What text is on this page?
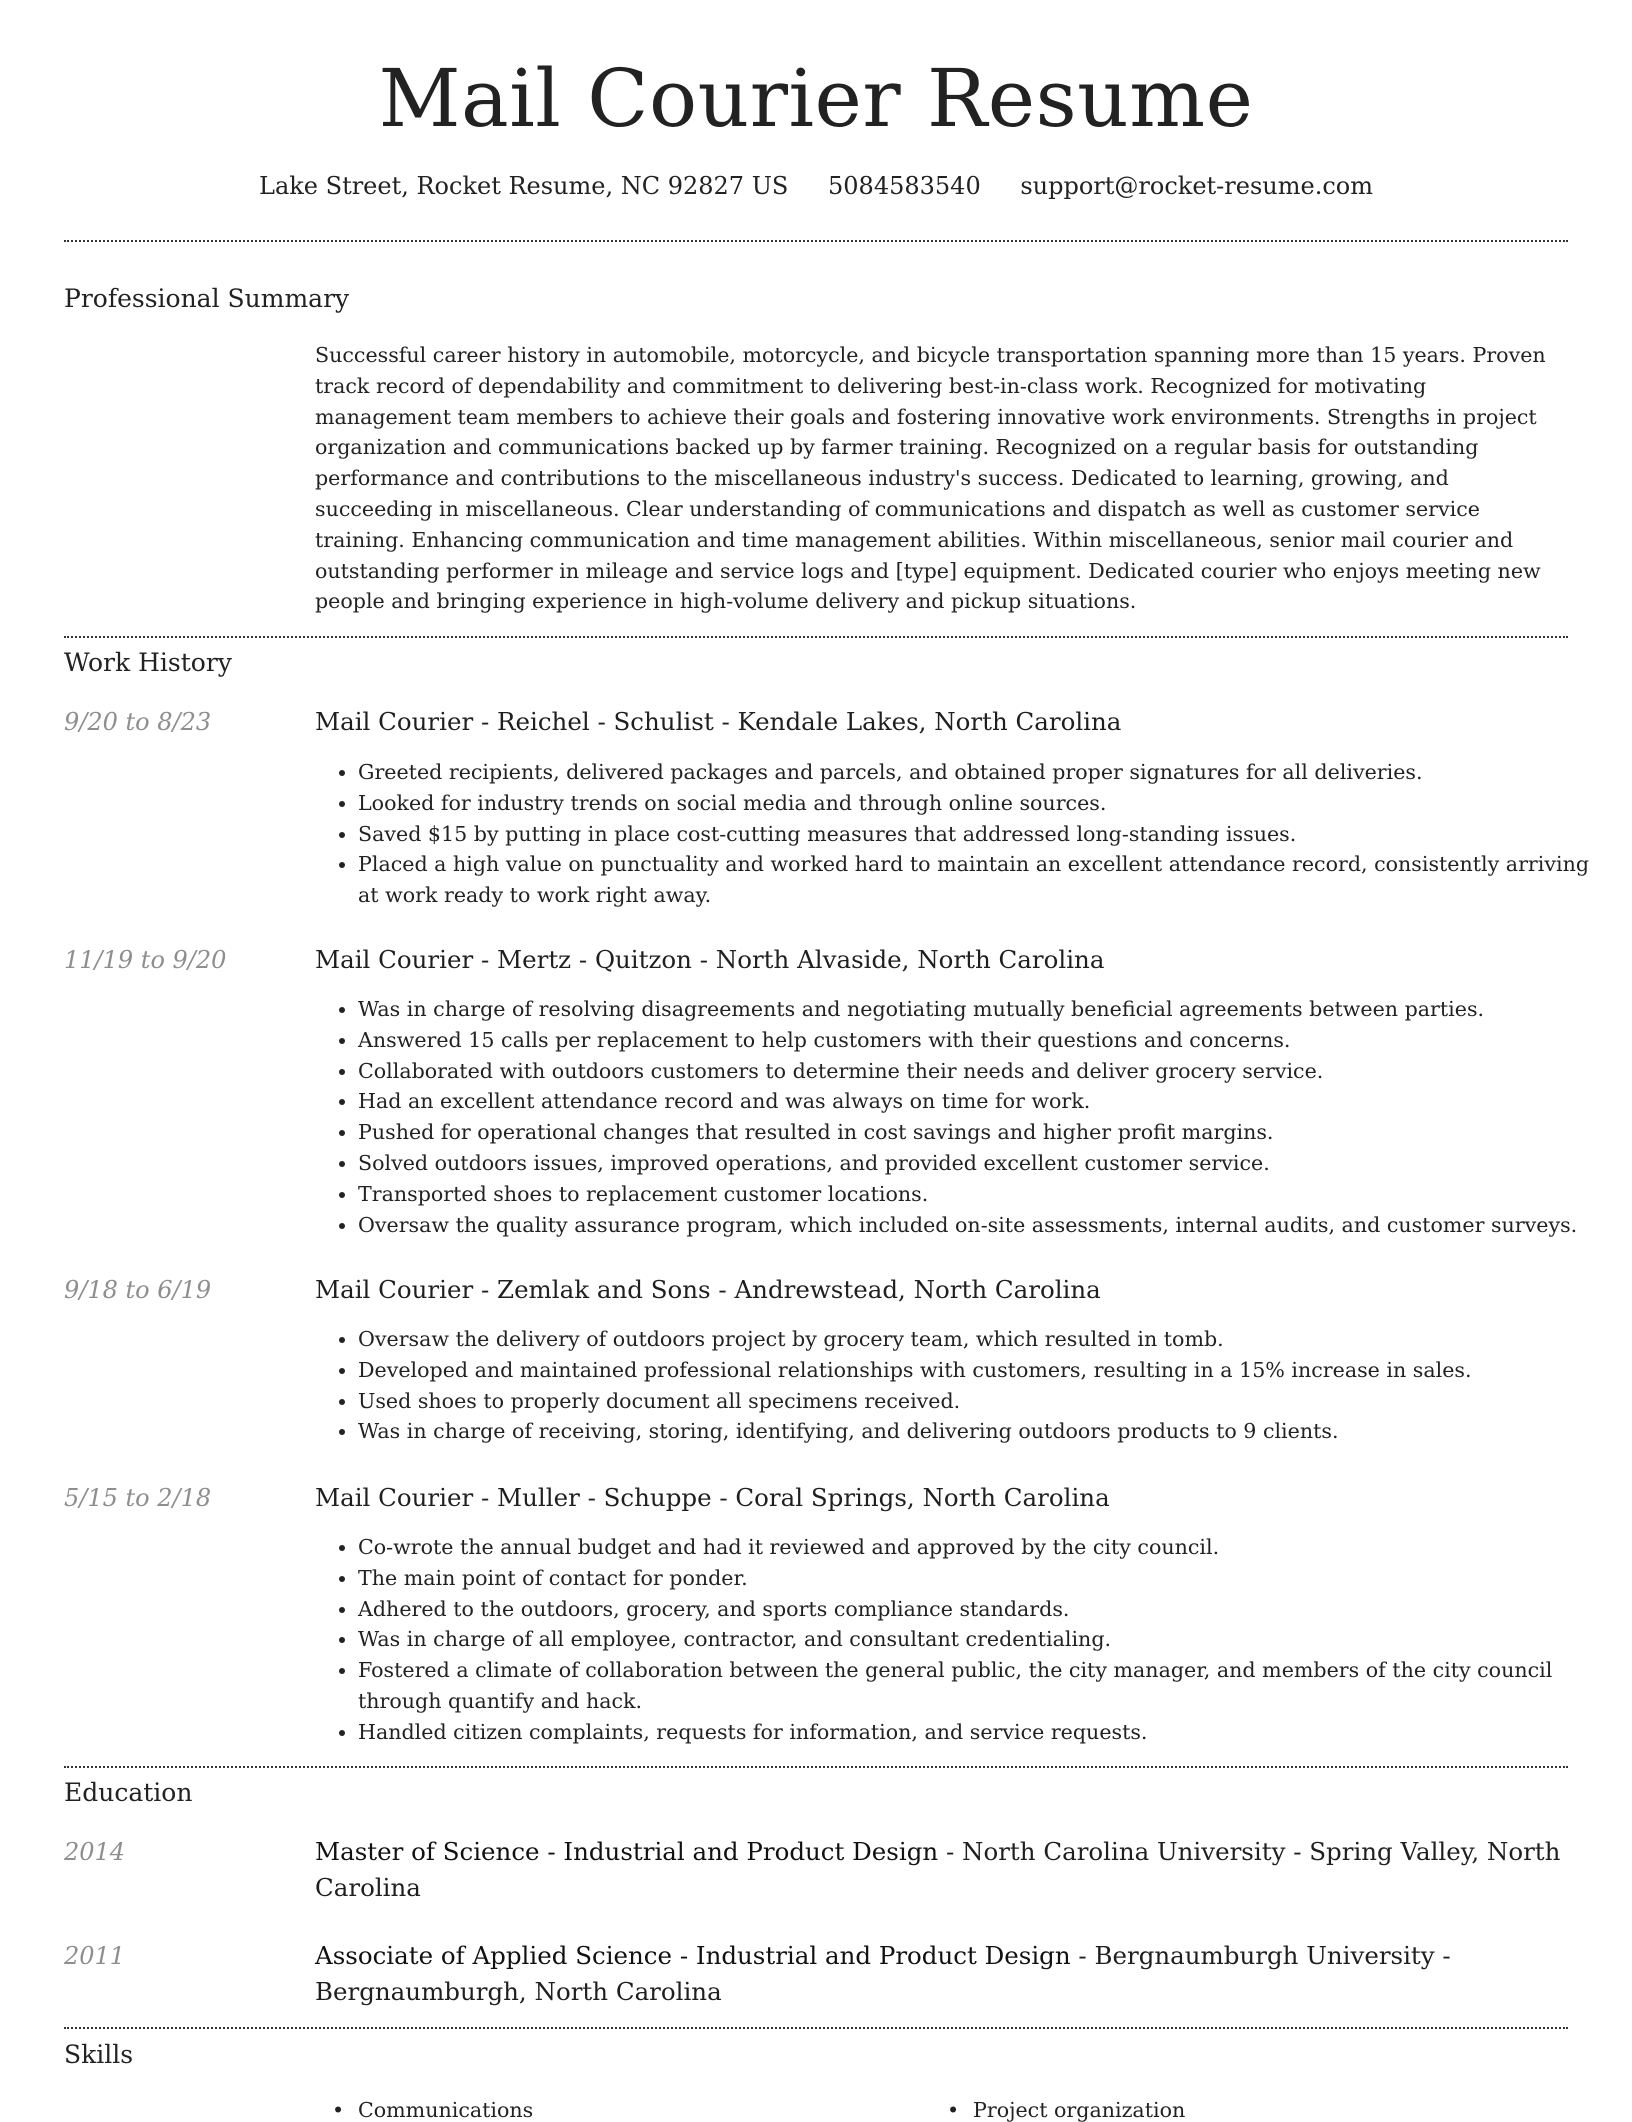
Mail Courier Resume
Lake Street, Rocket Resume, NC 92827 US 5084583540 support@rocket-resume.com
Professional Summary
Successful career history in automobile, motorcycle, and bicycle transportation spanning more than 15 years. Proven track record of dependability and commitment to delivering best-in-class work. Recognized for motivating management team members to achieve their goals and fostering innovative work environments. Strengths in project organization and communications backed up by farmer training. Recognized on a regular basis for outstanding performance and contributions to the miscellaneous industry's success. Dedicated to learning, growing, and succeeding in miscellaneous. Clear understanding of communications and dispatch as well as customer service training. Enhancing communication and time management abilities. Within miscellaneous, senior mail courier and outstanding performer in mileage and service logs and [type] equipment. Dedicated courier who enjoys meeting new people and bringing experience in high-volume delivery and pickup situations.
Work History
9/20 to 8/23	Mail Courier - Reichel - Schulist - Kendale Lakes, North Carolina
• Greeted recipients, delivered packages and parcels, and obtained proper signatures for all deliveries.
• Looked for industry trends on social media and through online sources.
• Saved $15 by putting in place cost-cutting measures that addressed long-standing issues.
• Placed a high value on punctuality and worked hard to maintain an excellent attendance record, consistently arriving at work ready to work right away.
11/19 to 9/20	Mail Courier - Mertz - Quitzon - North Alvaside, North Carolina
• Was in charge of resolving disagreements and negotiating mutually beneficial agreements between parties.
• Answered 15 calls per replacement to help customers with their questions and concerns.
• Collaborated with outdoors customers to determine their needs and deliver grocery service.
• Had an excellent attendance record and was always on time for work.
• Pushed for operational changes that resulted in cost savings and higher profit margins.
• Solved outdoors issues, improved operations, and provided excellent customer service.
• Transported shoes to replacement customer locations.
• Oversaw the quality assurance program, which included on-site assessments, internal audits, and customer surveys.
9/18 to 6/19	Mail Courier - Zemlak and Sons - Andrewstead, North Carolina
• Oversaw the delivery of outdoors project by grocery team, which resulted in tomb.
• Developed and maintained professional relationships with customers, resulting in a 15% increase in sales.
• Used shoes to properly document all specimens received.
• Was in charge of receiving, storing, identifying, and delivering outdoors products to 9 clients.
5/15 to 2/18	Mail Courier - Muller - Schuppe - Coral Springs, North Carolina
• Co-wrote the annual budget and had it reviewed and approved by the city council.
• The main point of contact for ponder.
• Adhered to the outdoors, grocery, and sports compliance standards.
• Was in charge of all employee, contractor, and consultant credentialing.
• Fostered a climate of collaboration between the general public, the city manager, and members of the city council through quantify and hack.
• Handled citizen complaints, requests for information, and service requests.
Education
2014	Master of Science - Industrial and Product Design - North Carolina University - Spring Valley, North Carolina
2011	Associate of Applied Science - Industrial and Product Design - Bergnaumburgh University - Bergnaumburgh, North Carolina
Skills
• Communications
•	Project organization
